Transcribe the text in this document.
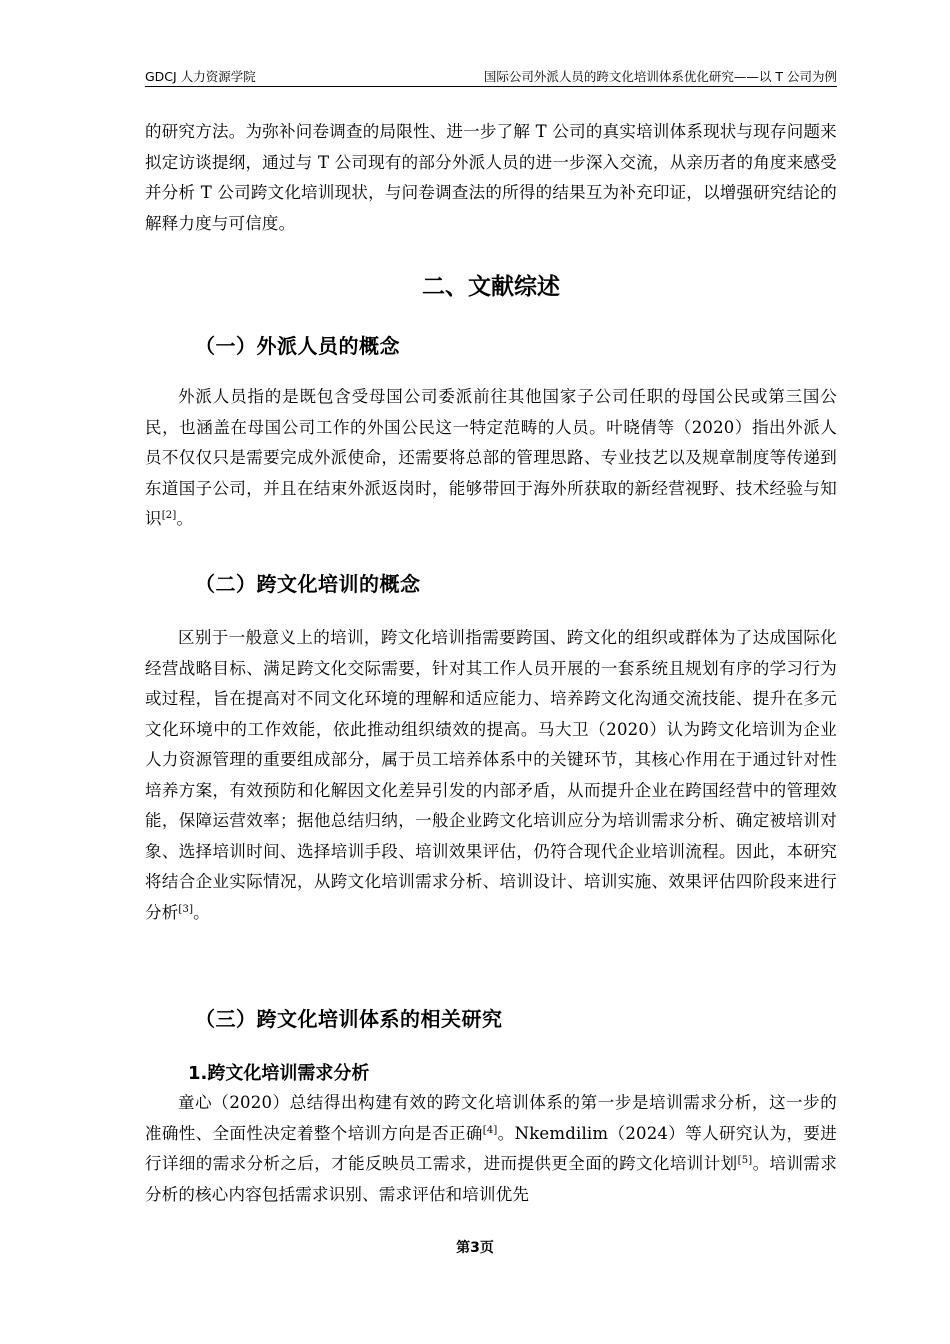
GDCJ 人力资源学院	国际公司外派人员的跨文化培训体系优化研究——以 T 公司为例

的研究方法。为弥补问卷调查的局限性、进一步了解 T 公司的真实培训体系现状与现存问题来拟定访谈提纲，通过与 T 公司现有的部分外派人员的进一步深入交流，从亲历者的角度来感受并分析 T 公司跨文化培训现状，与问卷调查法的所得的结果互为补充印证，以增强研究结论的解释力度与可信度。

二、文献综述
（一）外派人员的概念

外派人员指的是既包含受母国公司委派前往其他国家子公司任职的母国公民或第三国公民，也涵盖在母国公司工作的外国公民这一特定范畴的人员。叶晓倩等（2020）指出外派人员不仅仅只是需要完成外派使命，还需要将总部的管理思路、专业技艺以及规章制度等传递到东道国子公司，并且在结束外派返岗时，能够带回于海外所获取的新经营视野、技术经验与知识[2]。

（二）跨文化培训的概念

区别于一般意义上的培训，跨文化培训指需要跨国、跨文化的组织或群体为了达成国际化经营战略目标、满足跨文化交际需要，针对其工作人员开展的一套系统且规划有序的学习行为或过程，旨在提高对不同文化环境的理解和适应能力、培养跨文化沟通交流技能、提升在多元文化环境中的工作效能，依此推动组织绩效的提高。马大卫（2020）认为跨文化培训为企业人力资源管理的重要组成部分，属于员工培养体系中的关键环节，其核心作用在于通过针对性培养方案，有效预防和化解因文化差异引发的内部矛盾，从而提升企业在跨国经营中的管理效能，保障运营效率；据他总结归纳，一般企业跨文化培训应分为培训需求分析、确定被培训对象、选择培训时间、选择培训手段、培训效果评估，仍符合现代企业培训流程。因此，本研究将结合企业实际情况，从跨文化培训需求分析、培训设计、培训实施、效果评估四阶段来进行分析[3]。

（三）跨文化培训体系的相关研究
1.跨文化培训需求分析

童心（2020）总结得出构建有效的跨文化培训体系的第一步是培训需求分析，这一步的准确性、全面性决定着整个培训方向是否正确[4]。Nkemdilim（2024）等人研究认为，要进行详细的需求分析之后，才能反映员工需求，进而提供更全面的跨文化培训计划[5]。培训需求分析的核心内容包括需求识别、需求评估和培训优先

第3页
